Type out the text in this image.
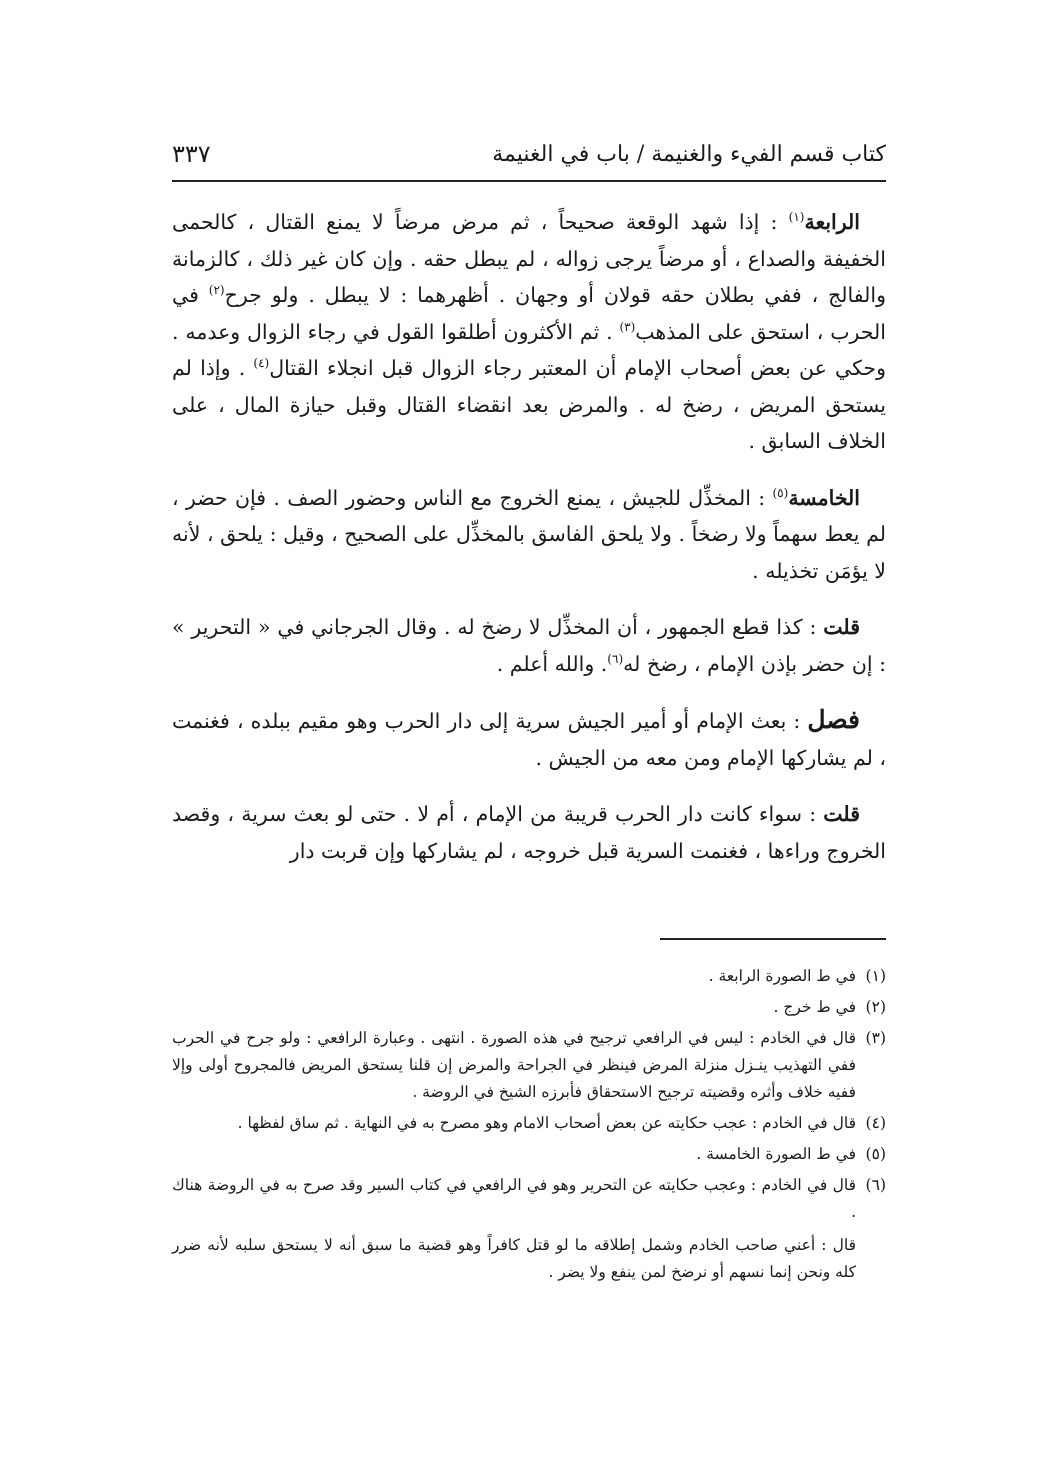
كتاب قسم الفيء والغنيمة / باب في الغنيمة
٣٣٧

الرابعة$^{(١)}$ : إذا شهد الوقعة صحيحاً ، ثم مرض مرضاً لا يمنع القتال ، كالحمى الخفيفة والصداع ، أو مرضاً يرجى زواله ، لم يبطل حقه . وإن كان غير ذلك ، كالزمانة والفالج ، ففي بطلان حقه قولان أو وجهان . أظهرهما : لا يبطل . ولو جرح$^{(٢)}$ في الحرب ، استحق على المذهب$^{(٣)}$ . ثم الأكثرون أطلقوا القول في رجاء الزوال وعدمه . وحكي عن بعض أصحاب الإمام أن المعتبر رجاء الزوال قبل انجلاء القتال$^{(٤)}$ . وإذا لم يستحق المريض ، رضخ له . والمرض بعد انقضاء القتال وقبل حيازة المال ، على الخلاف السابق .

الخامسة$^{(٥)}$ : المخذِّل للجيش ، يمنع الخروج مع الناس وحضور الصف . فإن حضر ، لم يعط سهماً ولا رضخاً . ولا يلحق الفاسق بالمخذِّل على الصحيح ، وقيل : يلحق ، لأنه لا يؤمَن تخذيله .

قلت : كذا قطع الجمهور ، أن المخذِّل لا رضخ له . وقال الجرجاني في « التحرير » : إن حضر بإذن الإمام ، رضخ له$^{(٦)}$. والله أعلم .

فصل : بعث الإمام أو أمير الجيش سرية إلى دار الحرب وهو مقيم ببلده ، فغنمت ، لم يشاركها الإمام ومن معه من الجيش .

قلت : سواء كانت دار الحرب قريبة من الإمام ، أم لا . حتى لو بعث سرية ، وقصد الخروج وراءها ، فغنمت السرية قبل خروجه ، لم يشاركها وإن قربت دار

(١)
في ط الصورة الرابعة .
(٢)
في ط خرج .
(٣)
قال في الخادم : ليس في الرافعي ترجيح في هذه الصورة . انتهى . وعبارة الرافعي : ولو جرح في الحرب ففي التهذيب ينـزل منزلة المرض فينظر في الجراحة والمرض إن قلنا يستحق المريض فالمجروح أولى وإلا ففيه خلاف وأثره وقضيته ترجيح الاستحقاق فأبرزه الشيخ في الروضة .
(٤)
قال في الخادم : عجب حكايته عن بعض أصحاب الامام وهو مصرح به في النهاية . ثم ساق لفظها .
(٥)
في ط الصورة الخامسة .
(٦)
قال في الخادم : وعجب حكايته عن التحرير وهو في الرافعي في كتاب السير وقد صرح به في الروضة هناك .

قال : أعني صاحب الخادم وشمل إطلاقه ما لو قتل كافراً وهو قضية ما سبق أنه لا يستحق سلبه لأنه ضرر كله ونحن إنما نسهم أو نرضخ لمن ينفع ولا يضر .
